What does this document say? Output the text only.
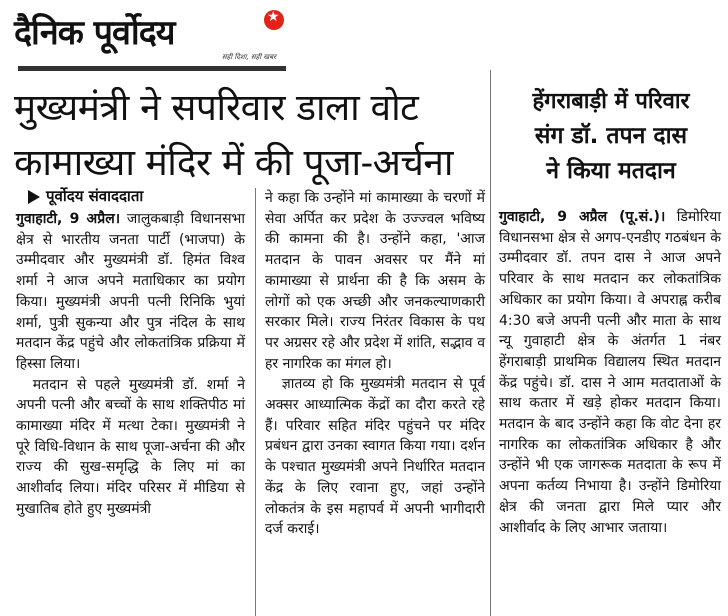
दैनिक पूर्वोदय
★
सही दिशा, सही खबर
मुख्यमंत्री ने सपरिवार डाला वोट
कामाख्या मंदिर में की पूजा-अर्चना
हेंगराबाड़ी में परिवार
संग डॉ. तपन दास
ने किया मतदान
पूर्वोदय संवाददाता

गुवाहाटी, 9 अप्रैल। जालुकबाड़ी विधानसभा क्षेत्र से भारतीय जनता पार्टी (भाजपा) के उम्मीदवार और मुख्यमंत्री डॉ. हिमंत विश्व शर्मा ने आज अपने मताधिकार का प्रयोग किया। मुख्यमंत्री अपनी पत्नी रिनिकि भुयां शर्मा, पुत्री सुकन्या और पुत्र नंदिल के साथ मतदान केंद्र पहुंचे और लोकतांत्रिक प्रक्रिया में हिस्सा लिया।

मतदान से पहले मुख्यमंत्री डॉ. शर्मा ने अपनी पत्नी और बच्चों के साथ शक्तिपीठ मां कामाख्या मंदिर में मत्था टेका। मुख्यमंत्री ने पूरे विधि-विधान के साथ पूजा-अर्चना की और राज्य की सुख-समृद्धि के लिए मां का आशीर्वाद लिया। मंदिर परिसर में मीडिया से मुखातिब होते हुए मुख्यमंत्री

ने कहा कि उन्होंने मां कामाख्या के चरणों में सेवा अर्पित कर प्रदेश के उज्ज्वल भविष्य की कामना की है। उन्होंने कहा, 'आज मतदान के पावन अवसर पर मैंने मां कामाख्या से प्रार्थना की है कि असम के लोगों को एक अच्छी और जनकल्याणकारी सरकार मिले। राज्य निरंतर विकास के पथ पर अग्रसर रहे और प्रदेश में शांति, सद्भाव व हर नागरिक का मंगल हो।

ज्ञातव्य हो कि मुख्यमंत्री मतदान से पूर्व अक्सर आध्यात्मिक केंद्रों का दौरा करते रहे हैं। परिवार सहित मंदिर पहुंचने पर मंदिर प्रबंधन द्वारा उनका स्वागत किया गया। दर्शन के पश्चात मुख्यमंत्री अपने निर्धारित मतदान केंद्र के लिए रवाना हुए, जहां उन्होंने लोकतंत्र के इस महापर्व में अपनी भागीदारी दर्ज कराई।

गुवाहाटी, 9 अप्रैल (पू.सं.)। डिमोरिया विधानसभा क्षेत्र से अगप-एनडीए गठबंधन के उम्मीदवार डॉ. तपन दास ने आज अपने परिवार के साथ मतदान कर लोकतांत्रिक अधिकार का प्रयोग किया। वे अपराह्न करीब 4:30 बजे अपनी पत्नी और माता के साथ न्यू गुवाहाटी क्षेत्र के अंतर्गत 1 नंबर हेंगराबाड़ी प्राथमिक विद्यालय स्थित मतदान केंद्र पहुंचे। डॉ. दास ने आम मतदाताओं के साथ कतार में खड़े होकर मतदान किया। मतदान के बाद उन्होंने कहा कि वोट देना हर नागरिक का लोकतांत्रिक अधिकार है और उन्होंने भी एक जागरूक मतदाता के रूप में अपना कर्तव्य निभाया है। उन्होंने डिमोरिया क्षेत्र की जनता द्वारा मिले प्यार और आशीर्वाद के लिए आभार जताया।
